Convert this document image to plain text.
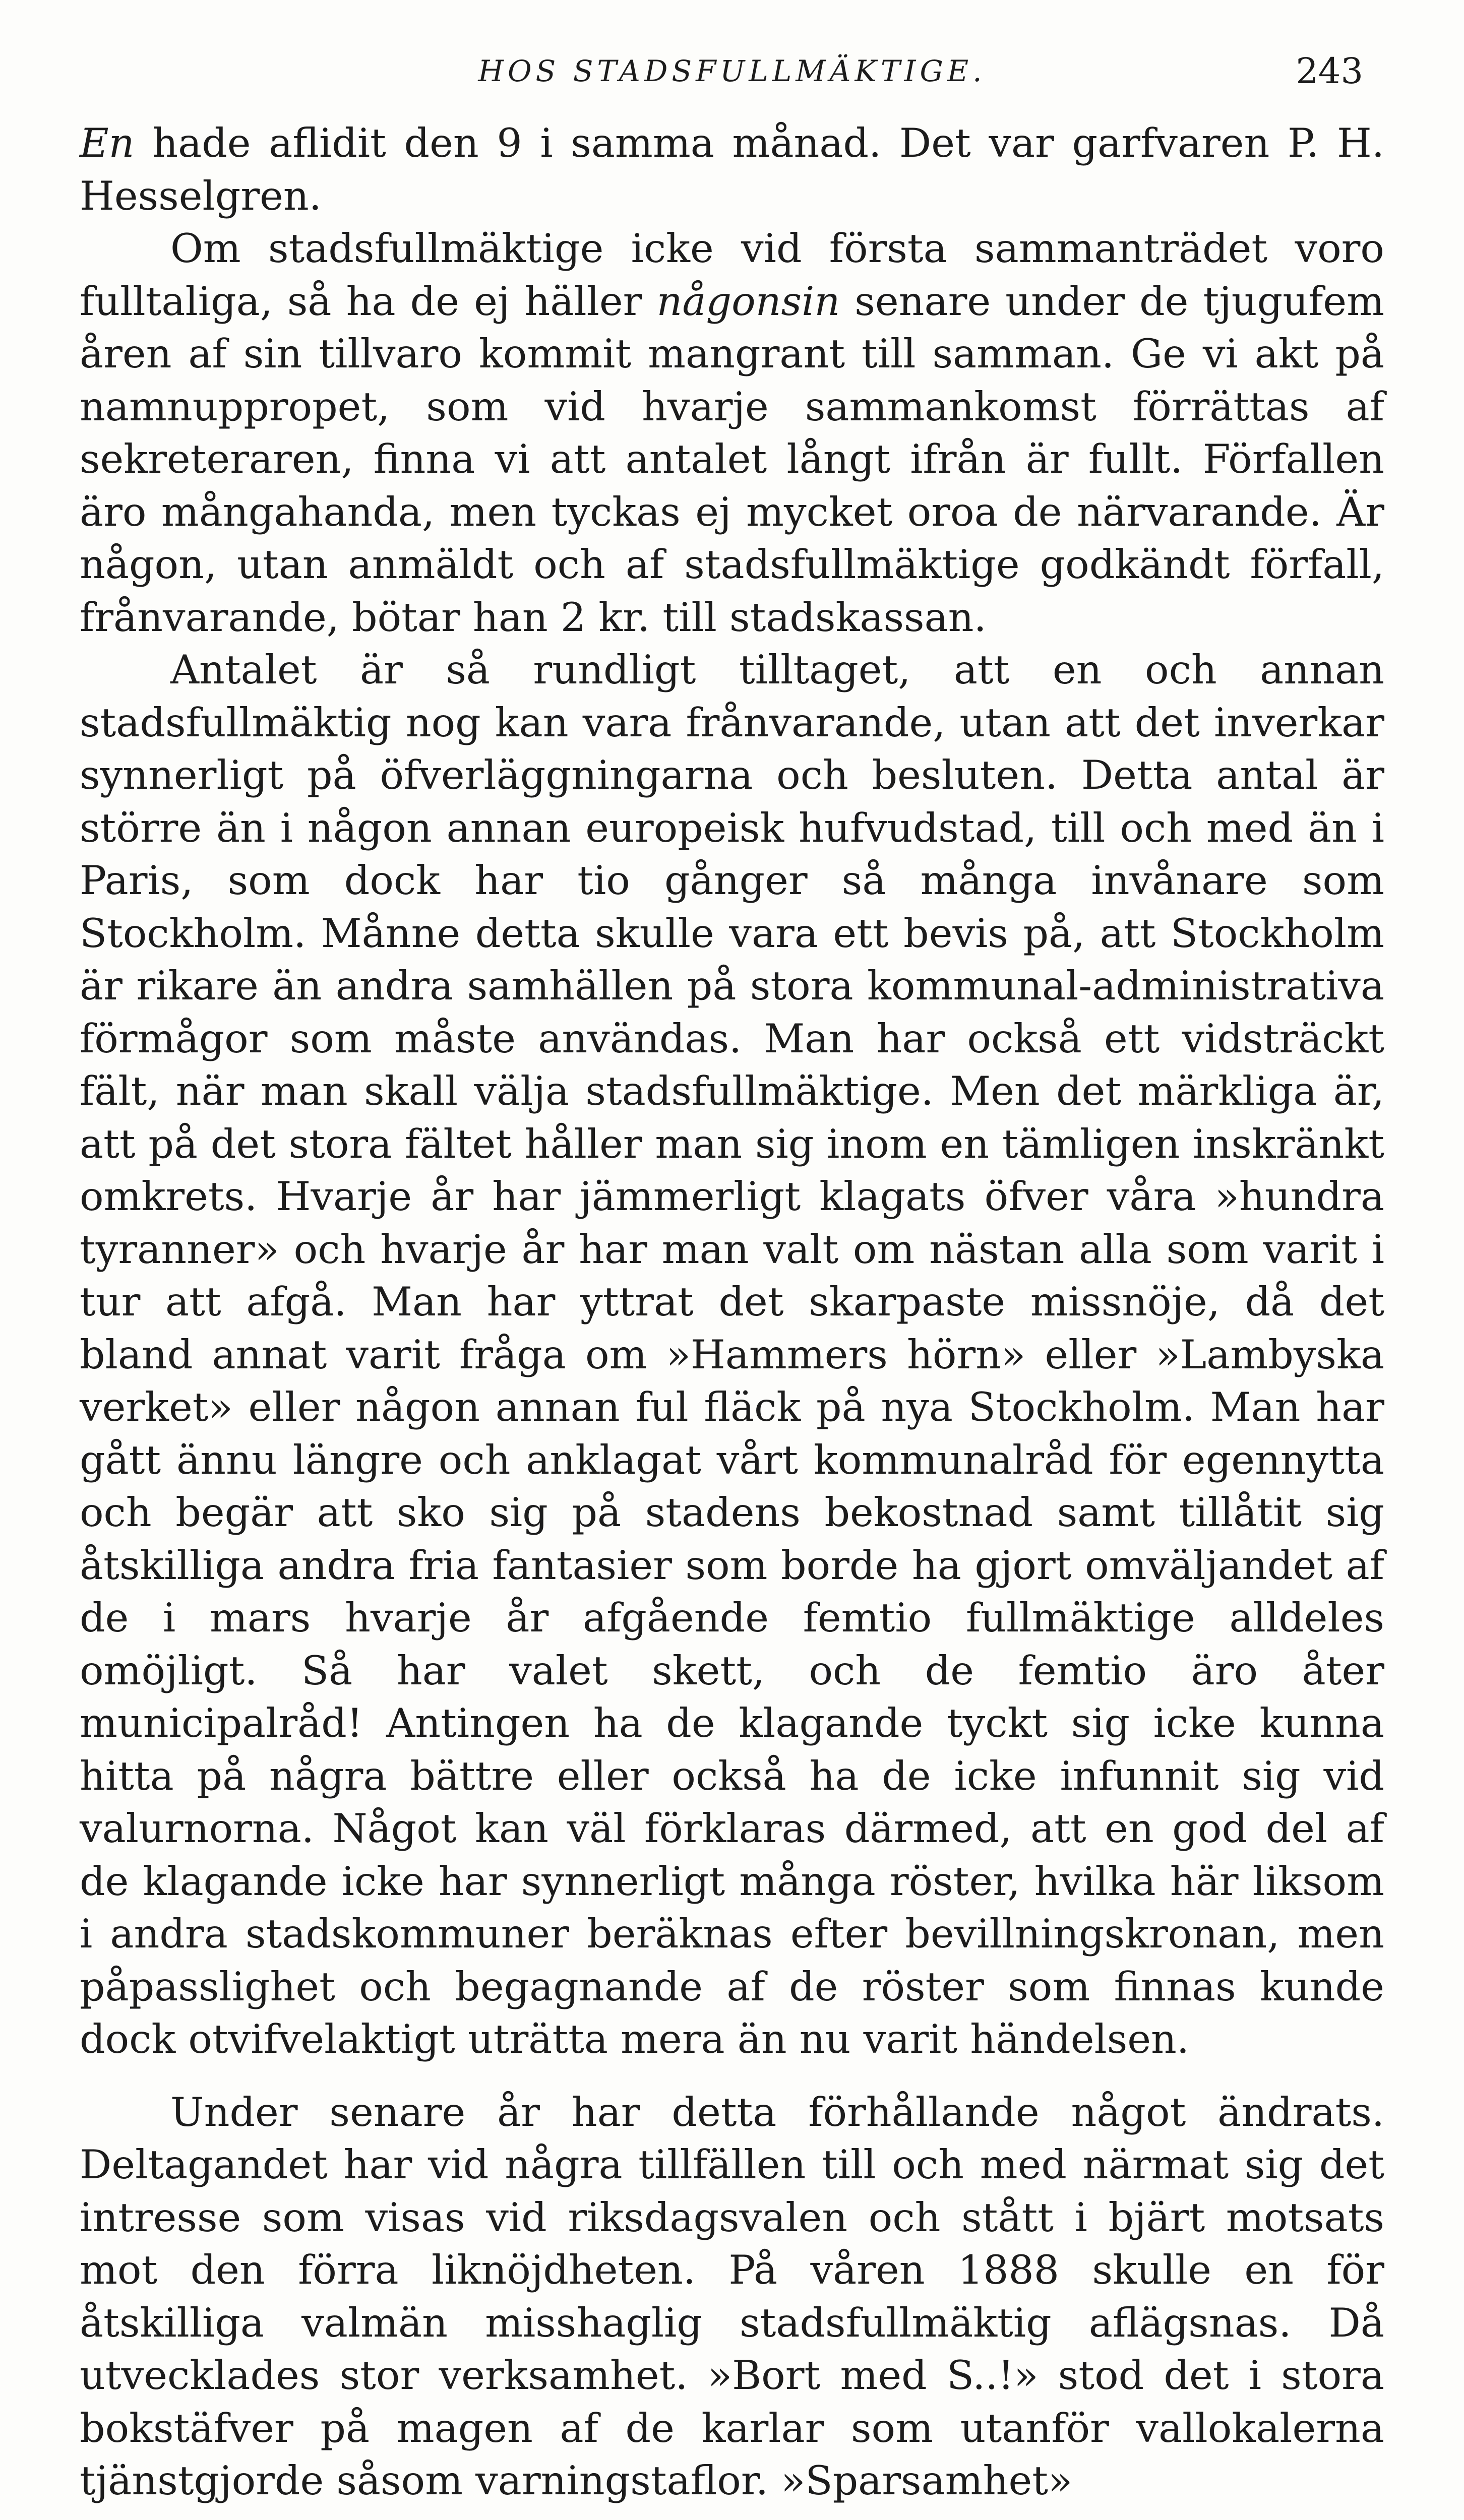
HOS STADSFULLMÄKTIGE.	243

En hade aflidit den 9 i samma månad. Det var garfvaren P. H. Hesselgren.

Om stadsfullmäktige icke vid första sammanträdet voro fulltaliga, så ha de ej häller någonsin senare under de tjugufem åren af sin tillvaro kommit mangrant till samman. Ge vi akt på namnuppropet, som vid hvarje sammankomst förrättas af sekreteraren, finna vi att antalet långt ifrån är fullt. Förfallen äro mångahanda, men tyckas ej mycket oroa de närvarande. Är någon, utan anmäldt och af stadsfullmäktige godkändt förfall, frånvarande, bötar han 2 kr. till stadskassan.

Antalet är så rundligt tilltaget, att en och annan stadsfullmäktig nog kan vara frånvarande, utan att det inverkar synnerligt på öfverläggningarna och besluten. Detta antal är större än i någon annan europeisk hufvudstad, till och med än i Paris, som dock har tio gånger så många invånare som Stockholm. Månne detta skulle vara ett bevis på, att Stockholm är rikare än andra samhällen på stora kommunal-administrativa förmågor som måste användas. Man har också ett vidsträckt fält, när man skall välja stadsfullmäktige. Men det märkliga är, att på det stora fältet håller man sig inom en tämligen inskränkt omkrets. Hvarje år har jämmerligt klagats öfver våra »hundra tyranner» och hvarje år har man valt om nästan alla som varit i tur att afgå. Man har yttrat det skarpaste missnöje, då det bland annat varit fråga om »Hammers hörn» eller »Lambyska verket» eller någon annan ful fläck på nya Stockholm. Man har gått ännu längre och anklagat vårt kommunalråd för egennytta och begär att sko sig på stadens bekostnad samt tillåtit sig åtskilliga andra fria fantasier som borde ha gjort omväljandet af de i mars hvarje år afgående femtio fullmäktige alldeles omöjligt. Så har valet skett, och de femtio äro åter municipalråd! Antingen ha de klagande tyckt sig icke kunna hitta på några bättre eller också ha de icke infunnit sig vid valurnorna. Något kan väl förklaras därmed, att en god del af de klagande icke har synnerligt många röster, hvilka här liksom i andra stadskommuner beräknas efter bevillningskronan, men påpasslighet och begagnande af de röster som finnas kunde dock otvifvelaktigt uträtta mera än nu varit händelsen.

Under senare år har detta förhållande något ändrats. Deltagandet har vid några tillfällen till och med närmat sig det intresse som visas vid riksdagsvalen och stått i bjärt motsats mot den förra liknöjdheten. På våren 1888 skulle en för åtskilliga valmän misshaglig stadsfullmäktig aflägsnas. Då utvecklades stor verksamhet. »Bort med S..!» stod det i stora bokstäfver på magen af de karlar som utanför vallokalerna tjänstgjorde såsom varningstaflor. »Sparsamhet»
